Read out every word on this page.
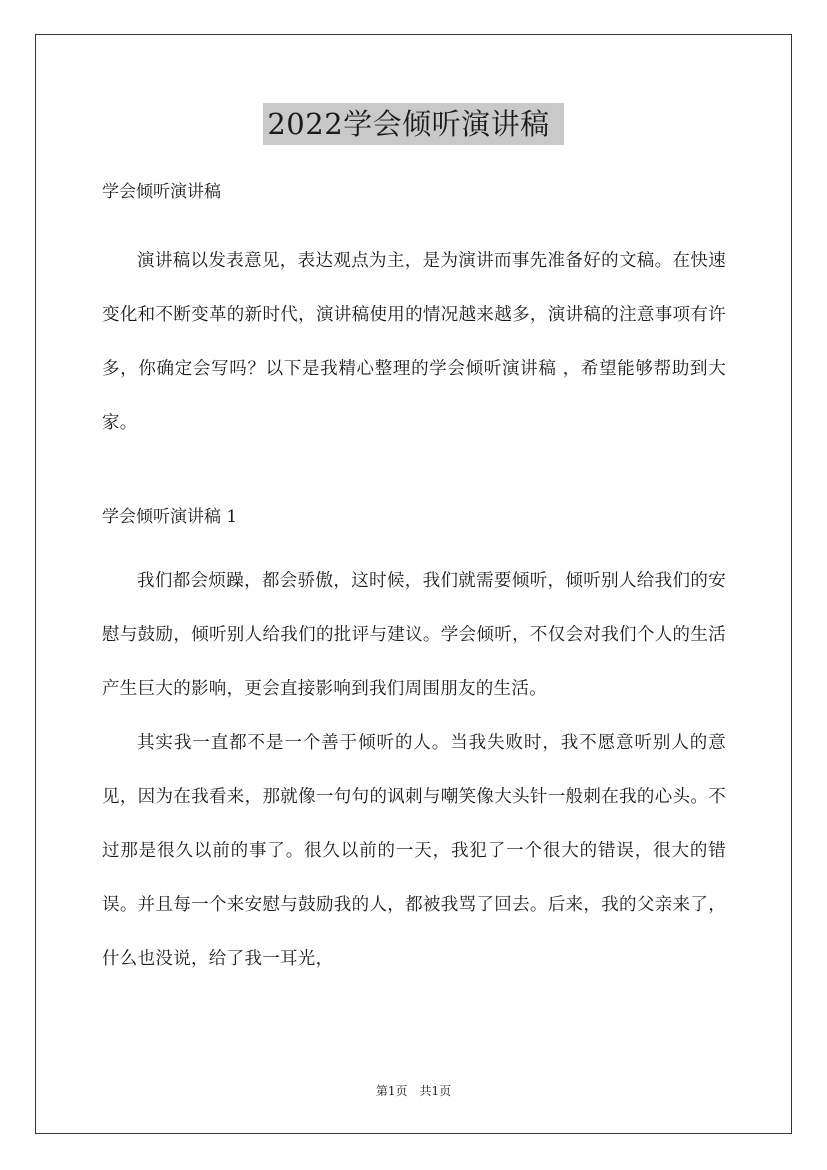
2022学会倾听演讲稿

学会倾听演讲稿

演讲稿以发表意见，表达观点为主，是为演讲而事先准备好的文稿。在快速变化和不断变革的新时代，演讲稿使用的情况越来越多，演讲稿的注意事项有许多，你确定会写吗？以下是我精心整理的学会倾听演讲稿 ，希望能够帮助到大家。

学会倾听演讲稿 1

我们都会烦躁，都会骄傲，这时候，我们就需要倾听，倾听别人给我们的安慰与鼓励，倾听别人给我们的批评与建议。学会倾听，不仅会对我们个人的生活产生巨大的影响，更会直接影响到我们周围朋友的生活。

其实我一直都不是一个善于倾听的人。当我失败时，我不愿意听别人的意见，因为在我看来，那就像一句句的讽刺与嘲笑像大头针一般刺在我的心头。不过那是很久以前的事了。很久以前的一天，我犯了一个很大的错误，很大的错误。并且每一个来安慰与鼓励我的人，都被我骂了回去。后来，我的父亲来了，什么也没说，给了我一耳光，

第1页 共1页
